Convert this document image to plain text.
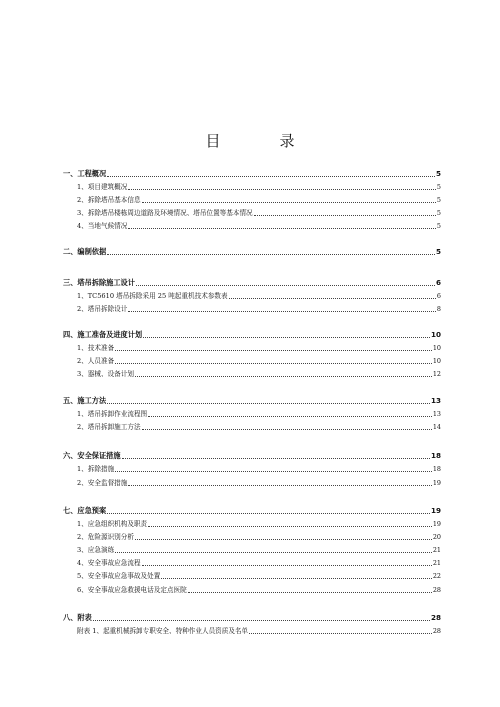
目　录
一、工程概况	5
1、项目建筑概况	5
2、拆除塔吊基本信息	5
3、拆除塔吊楼栋周边道路及环境情况、塔吊位置等基本情况	5
4、当地气候情况	5
二、编制依据	5
三、塔吊拆除施工设计	6
1、TC5610 塔吊拆除采用 25 吨起重机技术参数表	6
2、塔吊拆除设计	8
四、施工准备及进度计划	10
1、技术准备	10
2、人员准备	10
3、器械、设备计划	12
五、施工方法	13
1、塔吊拆卸作业流程图	13
2、塔吊拆卸施工方法	14
六、安全保证措施	18
1、拆除措施	18
2、安全监督措施	19
七、应急预案	19
1、应急组织机构及职责	19
2、危险源识别分析	20
3、应急演练	21
4、安全事故应急流程	21
5、安全事故应急事故及处置	22
6、安全事故应急救援电话及定点医院	28
八、附表	28
附表 1、起重机械拆卸专职安全、特种作业人员资质及名单	28
